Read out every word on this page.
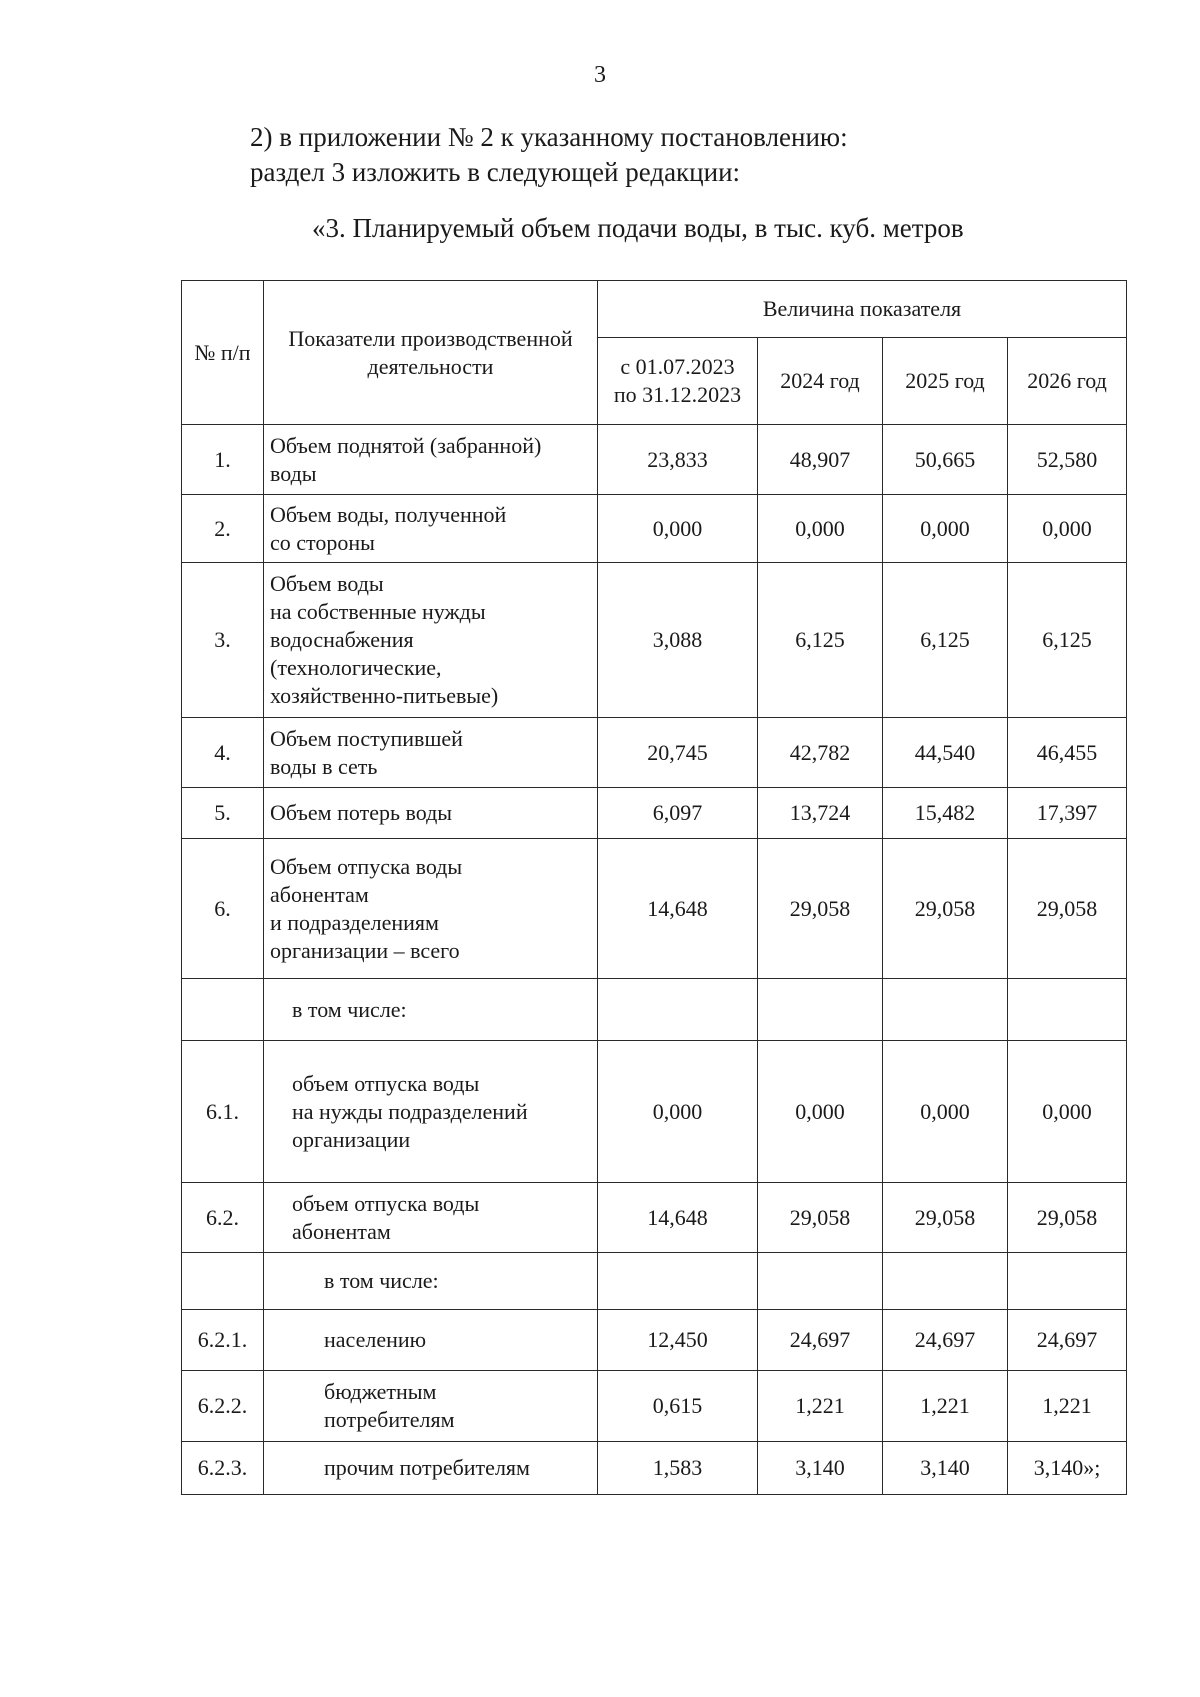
3
2) в приложении № 2 к указанному постановлению:
раздел 3 изложить в следующей редакции:
«3. Планируемый объем подачи воды, в тыс. куб. метров
№ п/п	Показатели производственной деятельности	Величина показателя			

		с 01.07.2023
по 31.12.2023	2024 год	2025 год	2026 год
1.	Объем поднятой (забранной)
воды	23,833	48,907	50,665	52,580
2.	Объем воды, полученной
со стороны	0,000	0,000	0,000	0,000
3.	Объем воды
на собственные нужды
водоснабжения
(технологические,
хозяйственно-питьевые)	3,088	6,125	6,125	6,125
4.	Объем поступившей
воды в сеть	20,745	42,782	44,540	46,455
5.	Объем потерь воды	6,097	13,724	15,482	17,397
6.	Объем отпуска воды
абонентам
и подразделениям
организации – всего	14,648	29,058	29,058	29,058

	в том числе:				

6.1.	объем отпуска воды
на нужды подразделений
организации	0,000	0,000	0,000	0,000
6.2.	объем отпуска воды
абонентам	14,648	29,058	29,058	29,058

	в том числе:				

6.2.1.	населению	12,450	24,697	24,697	24,697
6.2.2.	бюджетным
потребителям	0,615	1,221	1,221	1,221
6.2.3.	прочим потребителям	1,583	3,140	3,140	3,140»;
